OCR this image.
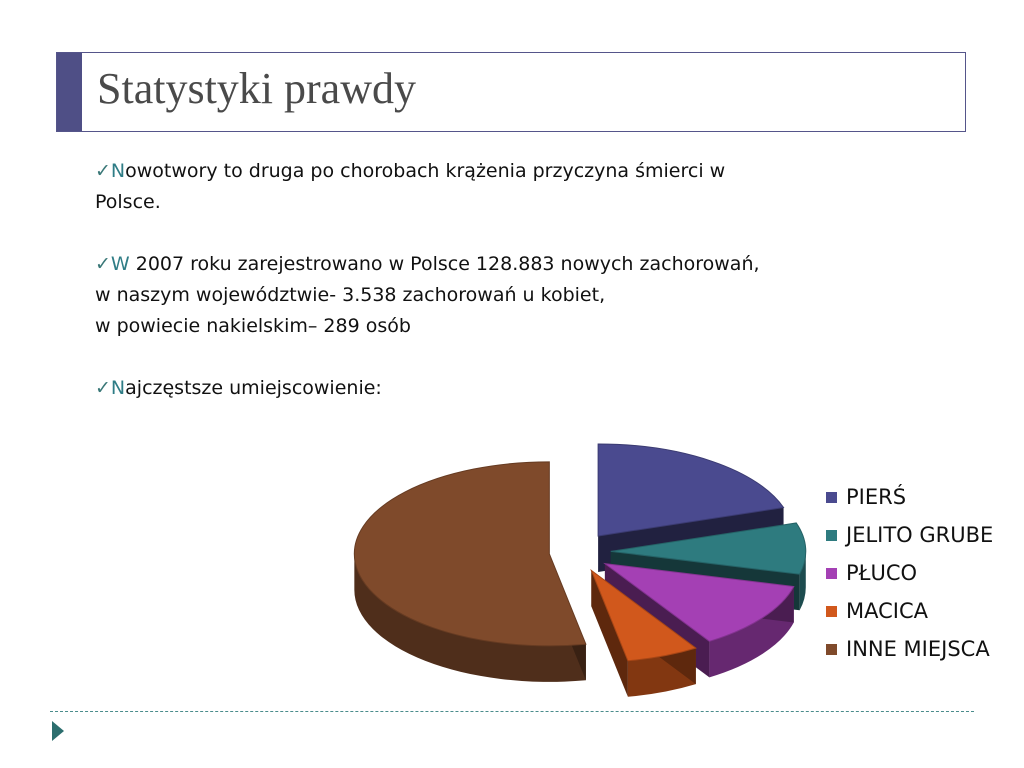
Statystyki prawdy

✓Nowotwory to druga po chorobach krążenia przyczyna śmierci w
Polsce.

✓W 2007 roku zarejestrowano w Polsce 128.883 nowych zachorowań,
w naszym województwie- 3.538 zachorowań u kobiet,
w powiecie nakielskim– 289 osób

✓Najczęstsze umiejscowienie:

PIERŚ
JELITO GRUBE
PŁUCO
MACICA
INNE MIEJSCA
